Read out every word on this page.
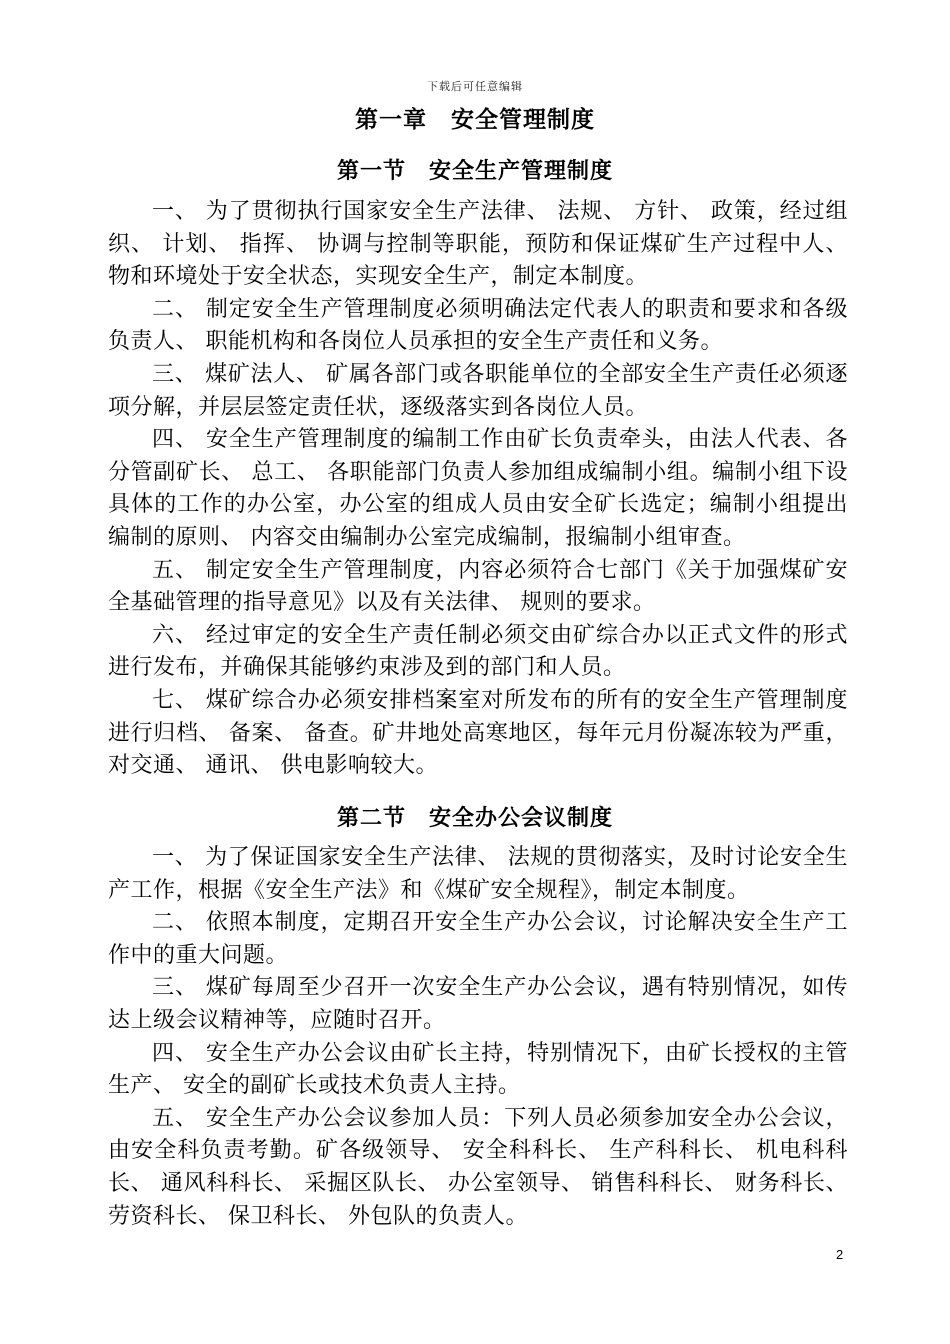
下载后可任意编辑
第一章　安全管理制度
第一节　安全生产管理制度

一、 为了贯彻执行国家安全生产法律、 法规、 方针、 政策，经过组织、 计划、 指挥、 协调与控制等职能，预防和保证煤矿生产过程中人、 物和环境处于安全状态，实现安全生产，制定本制度。

二、 制定安全生产管理制度必须明确法定代表人的职责和要求和各级负责人、 职能机构和各岗位人员承担的安全生产责任和义务。

三、 煤矿法人、 矿属各部门或各职能单位的全部安全生产责任必须逐项分解，并层层签定责任状，逐级落实到各岗位人员。

四、 安全生产管理制度的编制工作由矿长负责牵头，由法人代表、各分管副矿长、 总工、 各职能部门负责人参加组成编制小组。编制小组下设具体的工作的办公室，办公室的组成人员由安全矿长选定；编制小组提出编制的原则、 内容交由编制办公室完成编制，报编制小组审查。

五、 制定安全生产管理制度，内容必须符合七部门《关于加强煤矿安全基础管理的指导意见》以及有关法律、 规则的要求。

六、 经过审定的安全生产责任制必须交由矿综合办以正式文件的形式进行发布，并确保其能够约束涉及到的部门和人员。

七、 煤矿综合办必须安排档案室对所发布的所有的安全生产管理制度进行归档、 备案、 备查。矿井地处高寒地区，每年元月份凝冻较为严重，对交通、 通讯、 供电影响较大。

第二节　安全办公会议制度

一、 为了保证国家安全生产法律、 法规的贯彻落实，及时讨论安全生产工作，根据《安全生产法》和《煤矿安全规程》，制定本制度。

二、 依照本制度，定期召开安全生产办公会议，讨论解决安全生产工作中的重大问题。

三、 煤矿每周至少召开一次安全生产办公会议，遇有特别情况，如传达上级会议精神等，应随时召开。

四、 安全生产办公会议由矿长主持，特别情况下，由矿长授权的主管生产、 安全的副矿长或技术负责人主持。

五、 安全生产办公会议参加人员：下列人员必须参加安全办公会议，由安全科负责考勤。矿各级领导、 安全科科长、 生产科科长、 机电科科长、 通风科科长、 采掘区队长、 办公室领导、 销售科科长、 财务科长、 劳资科长、 保卫科长、 外包队的负责人。

2
